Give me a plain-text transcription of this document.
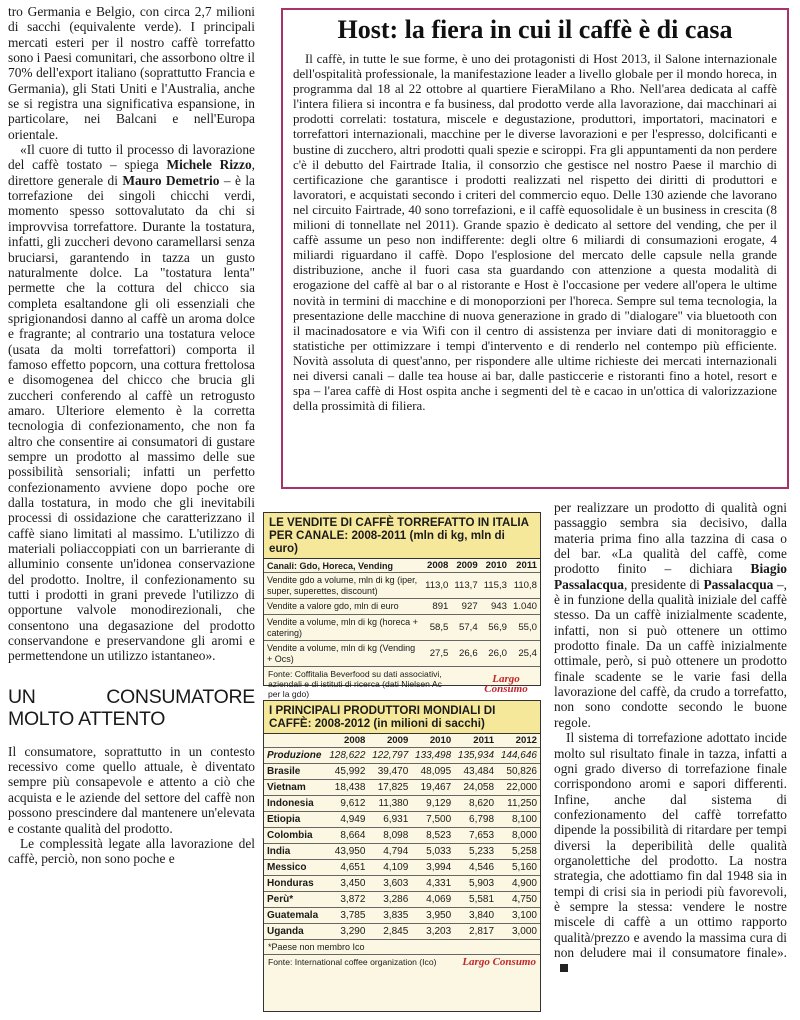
tro Germania e Belgio, con circa 2,7 milioni di sacchi (equivalente verde). I principali mercati esteri per il nostro caffè torrefatto sono i Paesi comunitari, che assorbono oltre il 70% dell'export italiano (soprattutto Francia e Germania), gli Stati Uniti e l'Australia, anche se si registra una significativa espansione, in particolare, nei Balcani e nell'Europa orientale.

«Il cuore di tutto il processo di lavorazione del caffè tostato – spiega Michele Rizzo, direttore generale di Mauro Demetrio – è la torrefazione dei singoli chicchi verdi, momento spesso sottovalutato da chi si improvvisa torrefattore. Durante la tostatura, infatti, gli zuccheri devono caramellarsi senza bruciarsi, garantendo in tazza un gusto naturalmente dolce. La "tostatura lenta" permette che la cottura del chicco sia completa esaltandone gli oli essenziali che sprigionandosi danno al caffè un aroma dolce e fragrante; al contrario una tostatura veloce (usata da molti torrefattori) comporta il famoso effetto popcorn, una cottura frettolosa e disomogenea del chicco che brucia gli zuccheri conferendo al caffè un retrogusto amaro. Ulteriore elemento è la corretta tecnologia di confezionamento, che non fa altro che consentire ai consumatori di gustare sempre un prodotto al massimo delle sue possibilità sensoriali; infatti un perfetto confezionamento avviene dopo poche ore dalla tostatura, in modo che gli inevitabili processi di ossidazione che caratterizzano il caffè siano limitati al massimo. L'utilizzo di materiali poliaccoppiati con un barrierante di alluminio consente un'idonea conservazione del prodotto. Inoltre, il confezionamento su tutti i prodotti in grani prevede l'utilizzo di opportune valvole monodirezionali, che consentono una degasazione del prodotto conservandone e preservandone gli aromi e permettendone un utilizzo istantaneo».

UN CONSUMATORE MOLTO ATTENTO

Il consumatore, soprattutto in un contesto recessivo come quello attuale, è diventato sempre più consapevole e attento a ciò che acquista e le aziende del settore del caffè non possono prescindere dal mantenere un'elevata e costante qualità del prodotto.

Le complessità legate alla lavorazione del caffè, perciò, non sono poche e

Host: la fiera in cui il caffè è di casa

Il caffè, in tutte le sue forme, è uno dei protagonisti di Host 2013, il Salone internazionale dell'ospitalità professionale, la manifestazione leader a livello globale per il mondo horeca, in programma dal 18 al 22 ottobre al quartiere FieraMilano a Rho. Nell'area dedicata al caffè l'intera filiera si incontra e fa business, dal prodotto verde alla lavorazione, dai macchinari ai prodotti correlati: tostatura, miscele e degustazione, produttori, importatori, macinatori e torrefattori internazionali, macchine per le diverse lavorazioni e per l'espresso, dolcificanti e bustine di zucchero, altri prodotti quali spezie e sciroppi. Fra gli appuntamenti da non perdere c'è il debutto del Fairtrade Italia, il consorzio che gestisce nel nostro Paese il marchio di certificazione che garantisce i prodotti realizzati nel rispetto dei diritti di produttori e lavoratori, e acquistati secondo i criteri del commercio equo. Delle 130 aziende che lavorano nel circuito Fairtrade, 40 sono torrefazioni, e il caffè equosolidale è un business in crescita (8 milioni di tonnellate nel 2011). Grande spazio è dedicato al settore del vending, che per il caffè assume un peso non indifferente: degli oltre 6 miliardi di consumazioni erogate, 4 miliardi riguardano il caffè. Dopo l'esplosione del mercato delle capsule nella grande distribuzione, anche il fuori casa sta guardando con attenzione a questa modalità di erogazione del caffè al bar o al ristorante e Host è l'occasione per vedere all'opera le ultime novità in termini di macchine e di monoporzioni per l'horeca. Sempre sul tema tecnologia, la presentazione delle macchine di nuova generazione in grado di "dialogare" via bluetooth con il macinadosatore e via Wifi con il centro di assistenza per inviare dati di monitoraggio e statistiche per ottimizzare i tempi d'intervento e di renderlo nel contempo più efficiente. Novità assoluta di quest'anno, per rispondere alle ultime richieste dei mercati internazionali nei diversi canali – dalle tea house ai bar, dalle pasticcerie e ristoranti fino a hotel, resort e spa – l'area caffè di Host ospita anche i segmenti del tè e cacao in un'ottica di valorizzazione della prossimità di filiera.

LE VENDITE DI CAFFÈ TORREFATTO IN ITALIA PER CANALE: 2008-2011 (mln di kg, mln di euro)
Canali: Gdo, Horeca, Vending	2008	2009	2010	2011
Vendite gdo a volume, mln di kg (iper, super, superettes, discount)	113,0	113,7	115,3	110,8
Vendite a valore gdo, mln di euro	891	927	943	1.040
Vendite a volume, mln di kg (horeca + catering)	58,5	57,4	56,9	55,0
Vendite a volume, mln di kg (Vending + Ocs)	27,5	26,6	26,0	25,4
Fonte: Coffitalia Beverfood su dati associativi, aziendali e di istituti di ricerca (dati Nielsen Ac per la gdo)
Largo Consumo
I PRINCIPALI PRODUTTORI MONDIALI DI CAFFÈ: 2008-2012 (in milioni di sacchi)
	2008	2009	2010	2011	2012
Produzione	128,622	122,797	133,498	135,934	144,646
Brasile	45,992	39,470	48,095	43,484	50,826
Vietnam	18,438	17,825	19,467	24,058	22,000
Indonesia	9,612	11,380	9,129	8,620	11,250
Etiopia	4,949	6,931	7,500	6,798	8,100
Colombia	8,664	8,098	8,523	7,653	8,000
India	43,950	4,794	5,033	5,233	5,258
Messico	4,651	4,109	3,994	4,546	5,160
Honduras	3,450	3,603	4,331	5,903	4,900
Perù*	3,872	3,286	4,069	5,581	4,750
Guatemala	3,785	3,835	3,950	3,840	3,100
Uganda	3,290	2,845	3,203	2,817	3,000
*Paese non membro Ico
Fonte: International coffee organization (Ico) Largo Consumo

per realizzare un prodotto di qualità ogni passaggio sembra sia decisivo, dalla materia prima fino alla tazzina di casa o del bar. «La qualità del caffè, come prodotto finito – dichiara Biagio Passalacqua, presidente di Passalacqua –, è in funzione della qualità iniziale del caffè stesso. Da un caffè inizialmente scadente, infatti, non si può ottenere un ottimo prodotto finale. Da un caffè inizialmente ottimale, però, si può ottenere un prodotto finale scadente se le varie fasi della lavorazione del caffè, da crudo a torrefatto, non sono condotte secondo le buone regole.

Il sistema di torrefazione adottato incide molto sul risultato finale in tazza, infatti a ogni grado diverso di torrefazione finale corrispondono aromi e sapori differenti. Infine, anche dal sistema di confezionamento del caffè torrefatto dipende la possibilità di ritardare per tempi diversi la deperibilità delle qualità organolettiche del prodotto. La nostra strategia, che adottiamo fin dal 1948 sia in tempi di crisi sia in periodi più favorevoli, è sempre la stessa: vendere le nostre miscele di caffè a un ottimo rapporto qualità/prezzo e avendo la massima cura di non deludere mai il consumatore finale».
